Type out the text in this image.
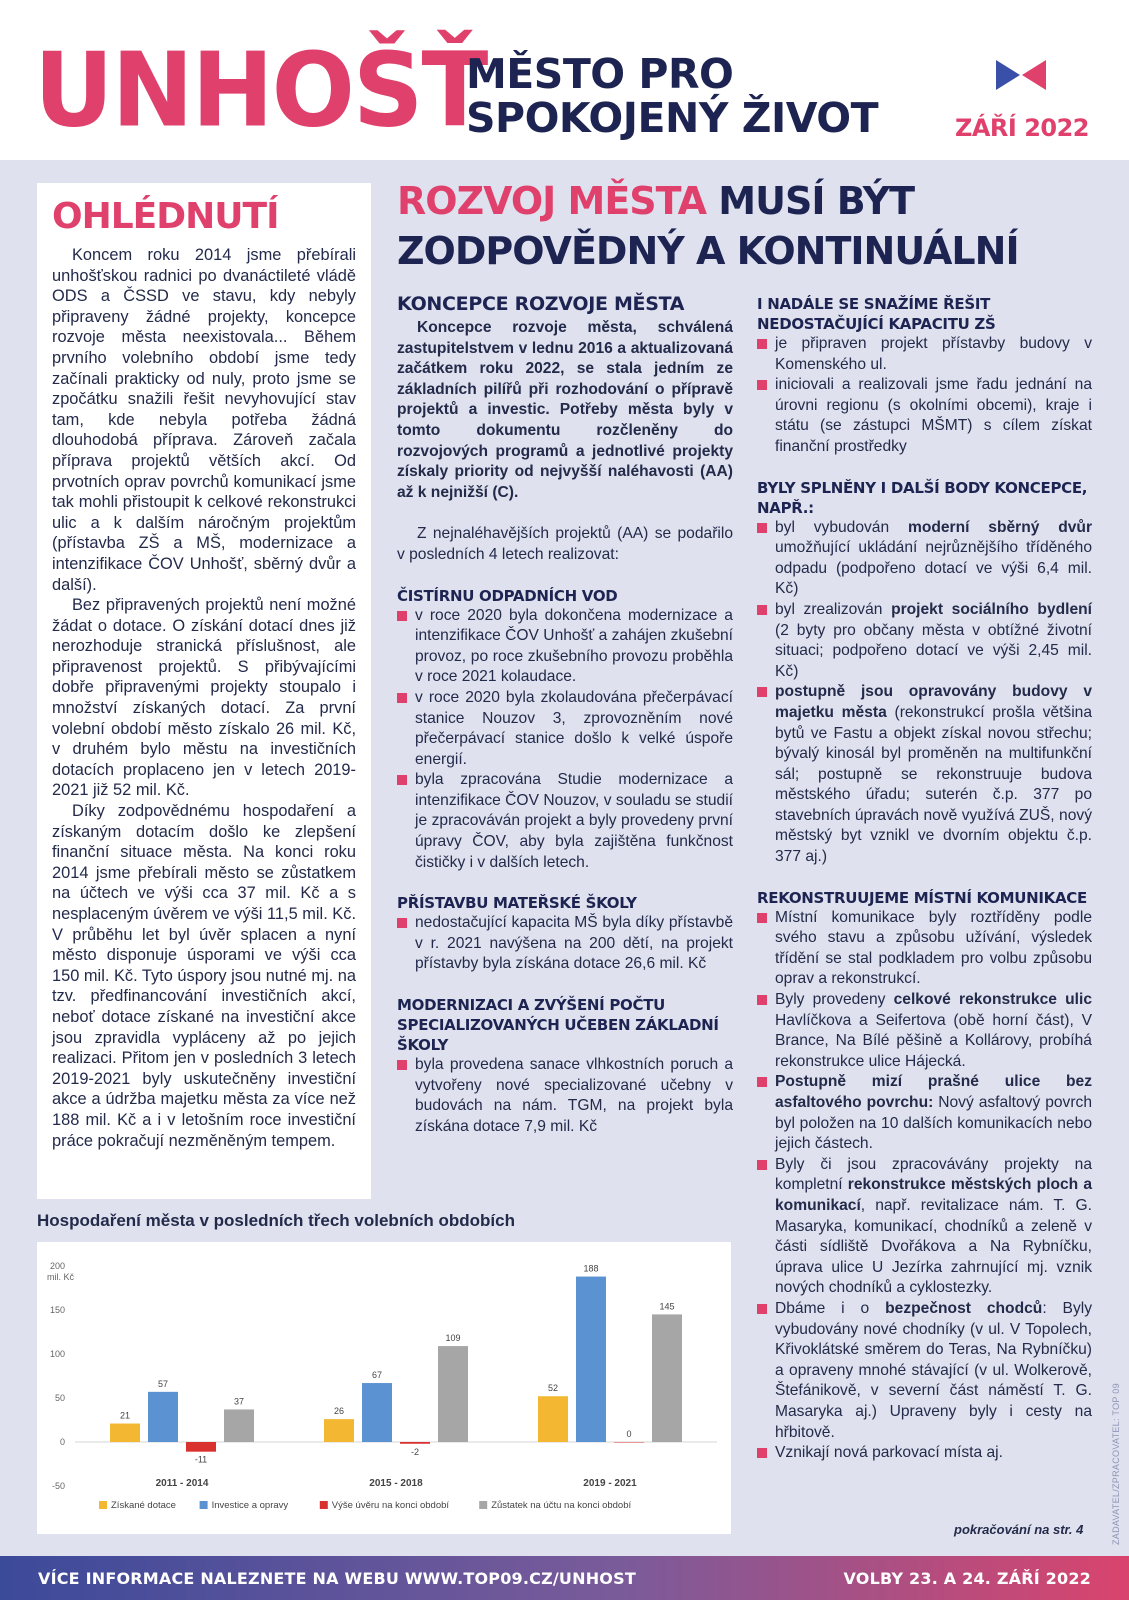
UNHOŠŤ
MĚSTO PRO
SPOKOJENÝ ŽIVOT	ZÁŘÍ 2022
OHLÉDNUTÍ

Koncem roku 2014 jsme přebírali unhošťskou radnici po dvanáctileté vládě ODS a ČSSD ve stavu, kdy nebyly připraveny žádné projekty, koncepce rozvoje města neexistovala... Během prvního volebního období jsme tedy začínali prakticky od nuly, proto jsme se zpočátku snažili řešit nevyhovující stav tam, kde nebyla potřeba žádná dlouhodobá příprava. Zároveň začala příprava projektů větších akcí. Od prvotních oprav povrchů komunikací jsme tak mohli přistoupit k celkové rekonstrukci ulic a k dalším náročným projektům (přístavba ZŠ a MŠ, modernizace a intenzifikace ČOV Unhošť, sběrný dvůr a další).

Bez připravených projektů není možné žádat o dotace. O získání dotací dnes již nerozhoduje stranická příslušnost, ale připravenost projektů. S přibývajícími dobře připravenými projekty stoupalo i množství získaných dotací. Za první volební období město získalo 26 mil. Kč, v druhém bylo městu na investičních dotacích proplaceno jen v letech 2019-2021 již 52 mil. Kč.

Díky zodpovědnému hospodaření a získaným dotacím došlo ke zlepšení finanční situace města. Na konci roku 2014 jsme přebírali město se zůstatkem na účtech ve výši cca 37 mil. Kč a s nesplaceným úvěrem ve výši 11,5 mil. Kč. V průběhu let byl úvěr splacen a nyní město disponuje úsporami ve výši cca 150 mil. Kč. Tyto úspory jsou nutné mj. na tzv. předfinancování investičních akcí, neboť dotace získané na investiční akce jsou zpravidla vypláceny až po jejich realizaci. Přitom jen v posledních 3 letech 2019-2021 byly uskutečněny investiční akce a údržba majetku města za více než 188 mil. Kč a i v letošním roce investiční práce pokračují nezměněným tempem.

ROZVOJ MĚSTA MUSÍ BÝT
ZODPOVĚDNÝ A KONTINUÁLNÍ
KONCEPCE ROZVOJE MĚSTA

Koncepce rozvoje města, schválená zastupitelstvem v lednu 2016 a aktualizovaná začátkem roku 2022, se stala jedním ze základních pilířů při rozhodování o přípravě projektů a investic. Potřeby města byly v tomto dokumentu rozčleněny do rozvojových programů a jednotlivé projekty získaly priority od nejvyšší naléhavosti (AA) až k nejnižší (C).

Z nejnaléhavějších projektů (AA) se podařilo v posledních 4 letech realizovat:

ČISTÍRNU ODPADNÍCH VOD
v roce 2020 byla dokončena modernizace a intenzifikace ČOV Unhošť a zahájen zkušební provoz, po roce zkušebního provozu proběhla v roce 2021 kolaudace.
v roce 2020 byla zkolaudována přečerpávací stanice Nouzov 3, zprovozněním nové přečerpávací stanice došlo k velké úspoře energií.
byla zpracována Studie modernizace a intenzifikace ČOV Nouzov, v souladu se studií je zpracováván projekt a byly provedeny první úpravy ČOV, aby byla zajištěna funkčnost čističky i v dalších letech.
PŘÍSTAVBU MATEŘSKÉ ŠKOLY
nedostačující kapacita MŠ byla díky přístavbě v r. 2021 navýšena na 200 dětí, na projekt přístavby byla získána dotace 26,6 mil. Kč
MODERNIZACI A ZVÝŠENÍ POČTU SPECIALIZOVANÝCH UČEBEN ZÁKLADNÍ ŠKOLY
byla provedena sanace vlhkostních poruch a vytvořeny nové specializované učebny v budovách na nám. TGM, na projekt byla získána dotace 7,9 mil. Kč
I NADÁLE SE SNAŽÍME ŘEŠIT NEDOSTAČUJÍCÍ KAPACITU ZŠ
je připraven projekt přístavby budovy v Komenského ul.
iniciovali a realizovali jsme řadu jednání na úrovni regionu (s okolními obcemi), kraje i státu (se zástupci MŠMT) s cílem získat finanční prostředky
BYLY SPLNĚNY I DALŠÍ BODY KONCEPCE, NAPŘ.:
byl vybudován moderní sběrný dvůr umožňující ukládání nejrůznějšího tříděného odpadu (podpořeno dotací ve výši 6,4 mil. Kč)
byl zrealizován projekt sociálního bydlení (2 byty pro občany města v obtížné životní situaci; podpořeno dotací ve výši 2,45 mil. Kč)
postupně jsou opravovány budovy v majetku města (rekonstrukcí prošla většina bytů ve Fastu a objekt získal novou střechu; bývalý kinosál byl proměněn na multifunkční sál; postupně se rekonstruuje budova městského úřadu; suterén č.p. 377 po stavebních úpravách nově využívá ZUŠ, nový městský byt vznikl ve dvorním objektu č.p. 377 aj.)
REKONSTRUUJEME MÍSTNÍ KOMUNIKACE
Místní komunikace byly roztříděny podle svého stavu a způsobu užívání, výsledek třídění se stal podkladem pro volbu způsobu oprav a rekonstrukcí.
Byly provedeny celkové rekonstrukce ulic Havlíčkova a Seifertova (obě horní část), V Brance, Na Bílé pěšině a Kollárovy, probíhá rekonstrukce ulice Hájecká.
Postupně mizí prašné ulice bez asfaltového povrchu: Nový asfaltový povrch byl položen na 10 dalších komunikacích nebo jejich částech.
Byly či jsou zpracovávány projekty na kompletní rekonstrukce městských ploch a komunikací, např. revitalizace nám. T. G. Masaryka, komunikací, chodníků a zeleně v části sídliště Dvořákova a Na Rybníčku, úprava ulice U Jezírka zahrnující mj. vznik nových chodníků a cyklostezky.
Dbáme i o bezpečnost chodců: Byly vybudovány nové chodníky (v ul. V Topolech, Křivoklátské směrem do Teras, Na Rybníčku) a opraveny mnohé stávající (v ul. Wolkerově, Štefánikově, v severní část náměstí T. G. Masaryka aj.) Upraveny byly i cesty na hřbitově.
Vznikají nová parkovací místa aj.
pokračování na str. 4
Hospodaření města v posledních třech volebních obdobích
200
150
100
50
0
-50
mil. Kč
21
57
-11
37
2011 - 2014
26
67
-2
109
2015 - 2018
52
188
0
145
2019 - 2021
Získané dotace	Investice a opravy	Výše úvěru na konci období	Zůstatek na účtu na konci období	ZADAVATEL/ZPRACOVATEL: TOP 09
VÍCE INFORMACE NALEZNETE NA WEBU WWW.TOP09.CZ/UNHOST	VOLBY 23. A 24. ZÁŘÍ 2022
